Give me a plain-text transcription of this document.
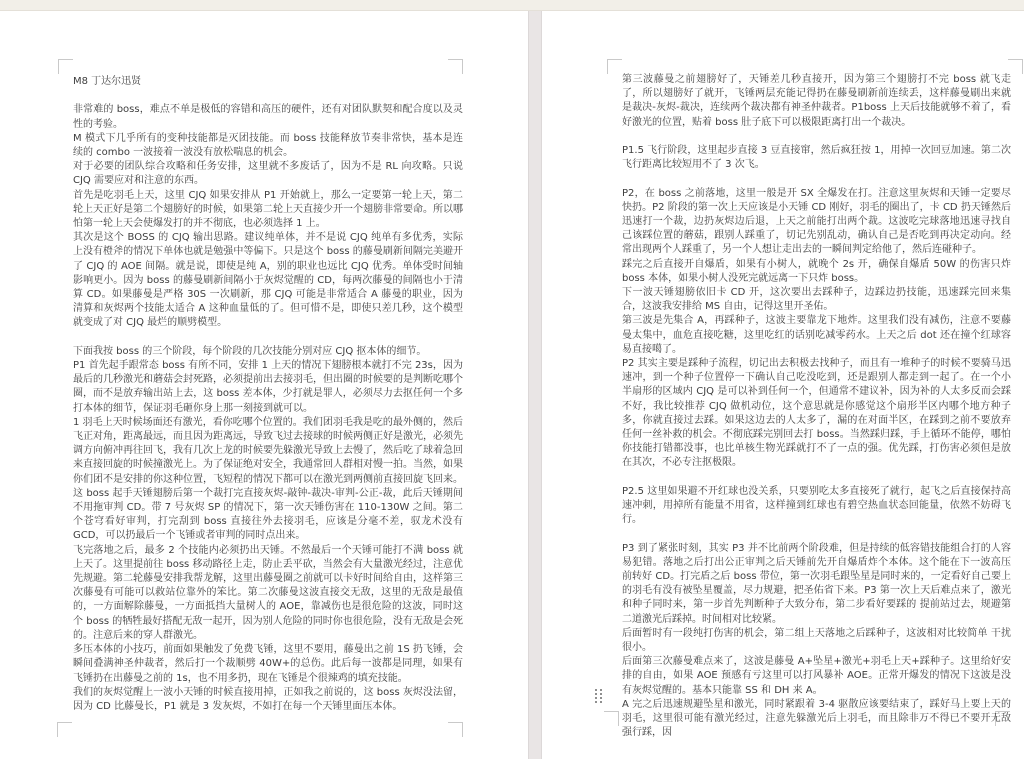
M8 丁达尔迅贤

非常难的 boss，难点不单是极低的容错和高压的硬件，还有对团队默契和配合度以及灵性的考验。

M 模式下几乎所有的变种技能都是灭团技能。而 boss 技能释放节奏非常快，基本是连续的 combo 一波接着一波没有放松喘息的机会。

对于必要的团队综合攻略和任务安排，这里就不多废话了，因为不是 RL 向攻略。只说 CJQ 需要应对和注意的东西。

首先是吃羽毛上天，这里 CJQ 如果安排从 P1 开始就上，那么一定要第一轮上天，第二轮上天正好是第二个翅膀好的时候，如果第二轮上天直接少开一个翅膀非常要命。所以哪怕第一轮上天会使爆发打的并不彻底，也必须选择 1 上。

其次是这个 BOSS 的 CJQ 输出思路。建议纯单体，并不是说 CJQ 纯单有多优秀，实际上没有橙斧的情况下单体也就是勉强中等偏下。只是这个 boss 的藤曼刷新间隔完美避开了 CJQ 的 AOE 间隔。就是说，即使是纯 A，别的职业也远比 CJQ 优秀。单体受时间轴影响更小。因为 boss 的藤曼刷新间隔小于灰烬觉醒的 CD，每两次藤曼的间隔也小于清算 CD。如果藤曼是严格 30S 一次刷新，那 CJQ 可能是非常适合 A 藤曼的职业，因为清算和灰烬两个技能太适合 A 这种血量低的了。但可惜不是，即使只差几秒，这个模型就变成了对 CJQ 最烂的顺劈模型。

下面我按 boss 的三个阶段，每个阶段的几次技能分别对应 CJQ 抠本体的细节。

P1 首先起手跟常态 boss 有所不同，安排 1 上天的情况下翅膀根本就打不完 23s，因为最后的几秒激光和蘑菇会封死路，必须提前出去接羽毛，但出圈的时候要的是判断吃哪个圈，而不是放弃输出站上去，这 boss 差本体，少打就是罪人，必须尽力去抠任何一个多打本体的细节，保证羽毛砸你身上那一刻接到就可以。

1 羽毛上天时候场面还有激光，看你吃哪个位置的。我们团羽毛我是吃的最外侧的，然后飞正对角，距离最远，而且因为距离远，导致飞过去接球的时候两侧正好是激光，必须先调方向俯冲再往回飞，我有几次上龙的时候要先躲激光导致上去慢了，然后吃了球着急回来直接回旋的时候撞激光上。为了保证绝对安全，我通常回人群相对慢一拍。当然，如果你们团不是安排的你这种位置，飞短程的情况下都可以在激光到两侧前直接回旋飞回来。

这 boss 起手天锤翅膀后第一个裁打完直接灰烬-敲钟-裁决-审判-公正-裁，此后天锤期间不用拖审判 CD。带 7 号灰烬 SP 的情况下，第一次天锤伤害在 110-130W 之间。第二个苍穹看好审判，打完刮到 boss 直接往外去接羽毛，应该是分毫不差，驭龙术没有 GCD，可以扔最后一个飞锤或者审判的同时点出来。

飞完落地之后，最多 2 个技能内必须扔出天锤。不然最后一个天锤可能打不满 boss 就上天了。这里提前往 boss 移动路径上走，防止丢平砍，当然会有大量激光经过，注意优先规避。第二轮藤曼安排我帮龙解，这里出藤曼圈之前就可以卡好时间给自由，这样第三次藤曼有可能可以救站位靠外的笨比。第二次藤曼这波直接交无敌，这里的无敌是最值的，一方面解除藤曼，一方面抵挡大量树人的 AOE，靠减伤也是很危险的这波，同时这个 boss 的牺牲最好搭配无敌一起开，因为别人危险的同时你也很危险，没有无敌是会死的。注意后来的穿人群激光。

多压本体的小技巧，前面如果触发了免费飞锤，这里不要用，藤曼出之前 1S 扔飞锤，会瞬间叠满神圣仲裁者，然后打一个裁顺劈 40W+的总伤。此后每一波都是同理，如果有飞锤扔在出藤曼之前的 1s，也不用多扔，现在飞锤是个很辣鸡的填充技能。

我们的灰烬觉醒上一波小天锤的时候直接用掉，正如我之前说的，这 boss 灰烬没法留，因为 CD 比藤曼长，P1 就是 3 发灰烬，不如打在每一个天锤里面压本体。

第三波藤曼之前翅膀好了，天锤差几秒直接开，因为第三个翅膀打不完 boss 就飞走了，所以翅膀好了就开，飞锤两层充能记得扔在藤曼刷新前连续丢，这样藤曼刷出来就是裁决-灰烬-裁决，连续两个裁决都有神圣仲裁者。P1boss 上天后技能就够不着了，看好激光的位置，贴着 boss 肚子底下可以极限距离打出一个裁决。

P1.5 飞行阶段，这里起步直接 3 豆直接窜，然后疯狂按 1，用掉一次回豆加速。第二次飞行距离比较短用不了 3 次飞。

P2，在 boss 之前落地，这里一般是开 SX 全爆发在打。注意这里灰烬和天锤一定要尽快扔。P2 阶段的第一次上天应该是小天锤 CD 刚好，羽毛的圈出了，卡 CD 扔天锤然后迅速打一个裁，边扔灰烬边后退，上天之前能打出两个裁。这波吃完球落地迅速寻找自己该踩位置的蘑菇，跟别人踩重了，切记先别乱动，确认自己是否吃到再决定动向。经常出现两个人踩重了，另一个人想让走出去的一瞬间判定给他了，然后连碰种子。

踩完之后直接开自爆盾，如果有小树人，就晚个 2s 开，确保自爆盾 50W 的伤害只炸 boss 本体，如果小树人没死完就远离一下只炸 boss。

下一波天锤翅膀依旧卡 CD 开，这次要出去踩种子，边踩边扔技能，迅速踩完回来集合，这波我安排给 MS 自由，记得这里开圣佑。

第三波是先集合 A，再踩种子，这波主要靠龙下地炸。这里我们没有减伤，注意不要藤曼太集中，血危直接吃糖，这里吃红的话别吃减零药水。上天之后 dot 还在撞个红球容易直接噶了。

P2 其实主要是踩种子流程，切记出去积极去找种子，而且有一堆种子的时候不要骑马迅速冲，到一个种子位置停一下确认自己吃没吃到，还是跟别人都走到一起了。在一个小半扇形的区域内 CJQ 是可以补到任何一个，但通常不建议补，因为补的人太多反而会踩不好，我比较推荐 CJQ 做机动位，这个意思就是你感觉这个扇形半区内哪个地方种子多，你就直接过去踩。如果这边去的人太多了，漏的在对面半区，在踩到之前不要放弃任何一丝补救的机会。不彻底踩完别回去打 boss。当然踩归踩，手上循环不能停，哪怕你技能打错都没事，也比单核生物光踩就打不了一点的强。优先踩，打伤害必须但是放在其次，不必专注抠极限。

P2.5 这里如果避不开红球也没关系，只要别吃太多直接死了就行，起飞之后直接保持高速冲刺，用掉所有能量不用省，这样撞到红球也有碧空热血状态回能量，依然不妨碍飞行。

P3 到了紧张时刻，其实 P3 并不比前两个阶段难，但是持续的低容错技能组合打的人容易犯错。落地之后打出公正审判之后天锤前先开自爆盾炸个本体。这个能在下一波高压前转好 CD。打完盾之后 boss 带位，第一次羽毛跟坠星是同时来的，一定看好自己要上的羽毛有没有被坠星覆盖，尽力规避，把圣佑省下来。P3 第一次上天后难点来了，激光和种子同时来，第一步首先判断种子大致分布，第二步看好要踩的 提前站过去，规避第二道激光后踩掉。时间相对比较紧。

后面暂时有一段纯打伤害的机会，第二组上天落地之后踩种子，这波相对比较简单 干扰很小。

后面第三次藤曼难点来了，这波是藤曼 A+坠星+激光+羽毛上天+踩种子。这里给好安排的自由，如果 AOE 预感有亏这里可以打风暴补 AOE。正常开爆发的情况下这波是没有灰烬觉醒的。基本只能靠 SS 和 DH 来 A。

A 完之后迅速规避坠星和激光，同时紧跟着 3-4 驱散应该要结束了，踩好马上要上天的羽毛，这里很可能有激光经过，注意先躲激光后上羽毛，而且除非万不得已不要开无敌强行踩，因
